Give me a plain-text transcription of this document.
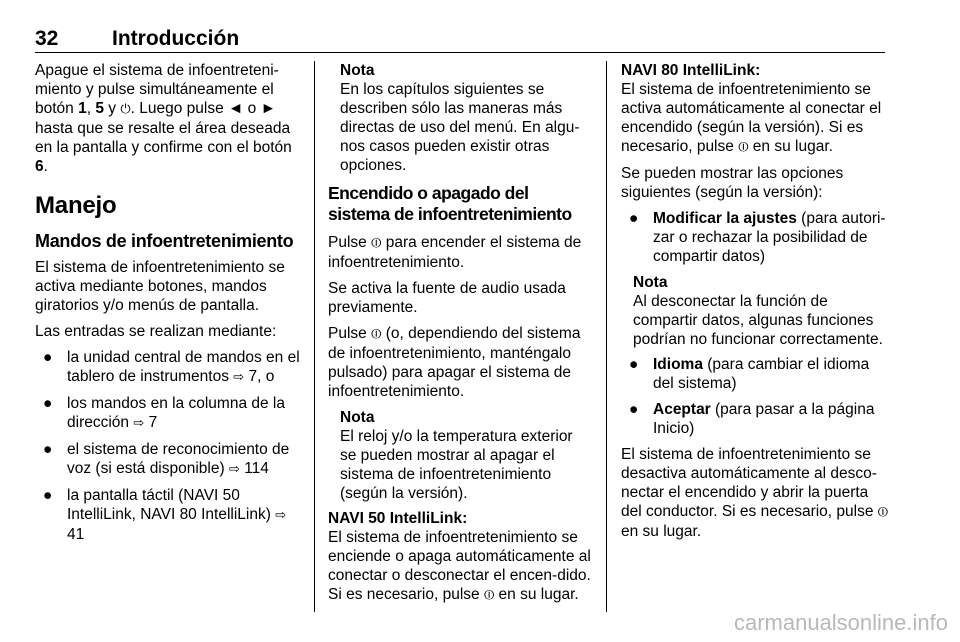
32	Introducción

Apague el sistema de infoentreteni-miento y pulse simultáneamente el botón 1, 5 y ⏻. Luego pulse ◄ o ► hasta que se resalte el área deseada en la pantalla y confirme con el botón 6.

Manejo
Mandos de infoentretenimiento

El sistema de infoentretenimiento se activa mediante botones, mandos giratorios y/o menús de pantalla.

Las entradas se realizan mediante:

● la unidad central de mandos en el tablero de instrumentos ⇨ 7, o
● los mandos en la columna de la dirección ⇨ 7
● el sistema de reconocimiento de voz (si está disponible) ⇨ 114
● la pantalla táctil (NAVI 50 IntelliLink, NAVI 80 IntelliLink) ⇨ 41
Nota
En los capítulos siguientes se describen sólo las maneras más directas de uso del menú. En algu-nos casos pueden existir otras opciones.
Encendido o apagado del sistema de infoentretenimiento

Pulse ⏼ para encender el sistema de infoentretenimiento.

Se activa la fuente de audio usada previamente.

Pulse ⏼ (o, dependiendo del sistema de infoentretenimiento, manténgalo pulsado) para apagar el sistema de infoentretenimiento.

Nota
El reloj y/o la temperatura exterior se pueden mostrar al apagar el sistema de infoentretenimiento (según la versión).
NAVI 50 IntelliLink:
El sistema de infoentretenimiento se enciende o apaga automáticamente al conectar o desconectar el encen-dido. Si es necesario, pulse ⏼ en su lugar.

NAVI 80 IntelliLink:
El sistema de infoentretenimiento se activa automáticamente al conectar el encendido (según la versión). Si es necesario, pulse ⏼ en su lugar.

Se pueden mostrar las opciones siguientes (según la versión):

● Modificar la ajustes (para autori-zar o rechazar la posibilidad de compartir datos)
Nota
Al desconectar la función de compartir datos, algunas funciones podrían no funcionar correctamente.
● Idioma (para cambiar el idioma del sistema)
● Aceptar (para pasar a la página Inicio)

El sistema de infoentretenimiento se desactiva automáticamente al desco-nectar el encendido y abrir la puerta del conductor. Si es necesario, pulse ⏼ en su lugar.

carmanualsonline.info
